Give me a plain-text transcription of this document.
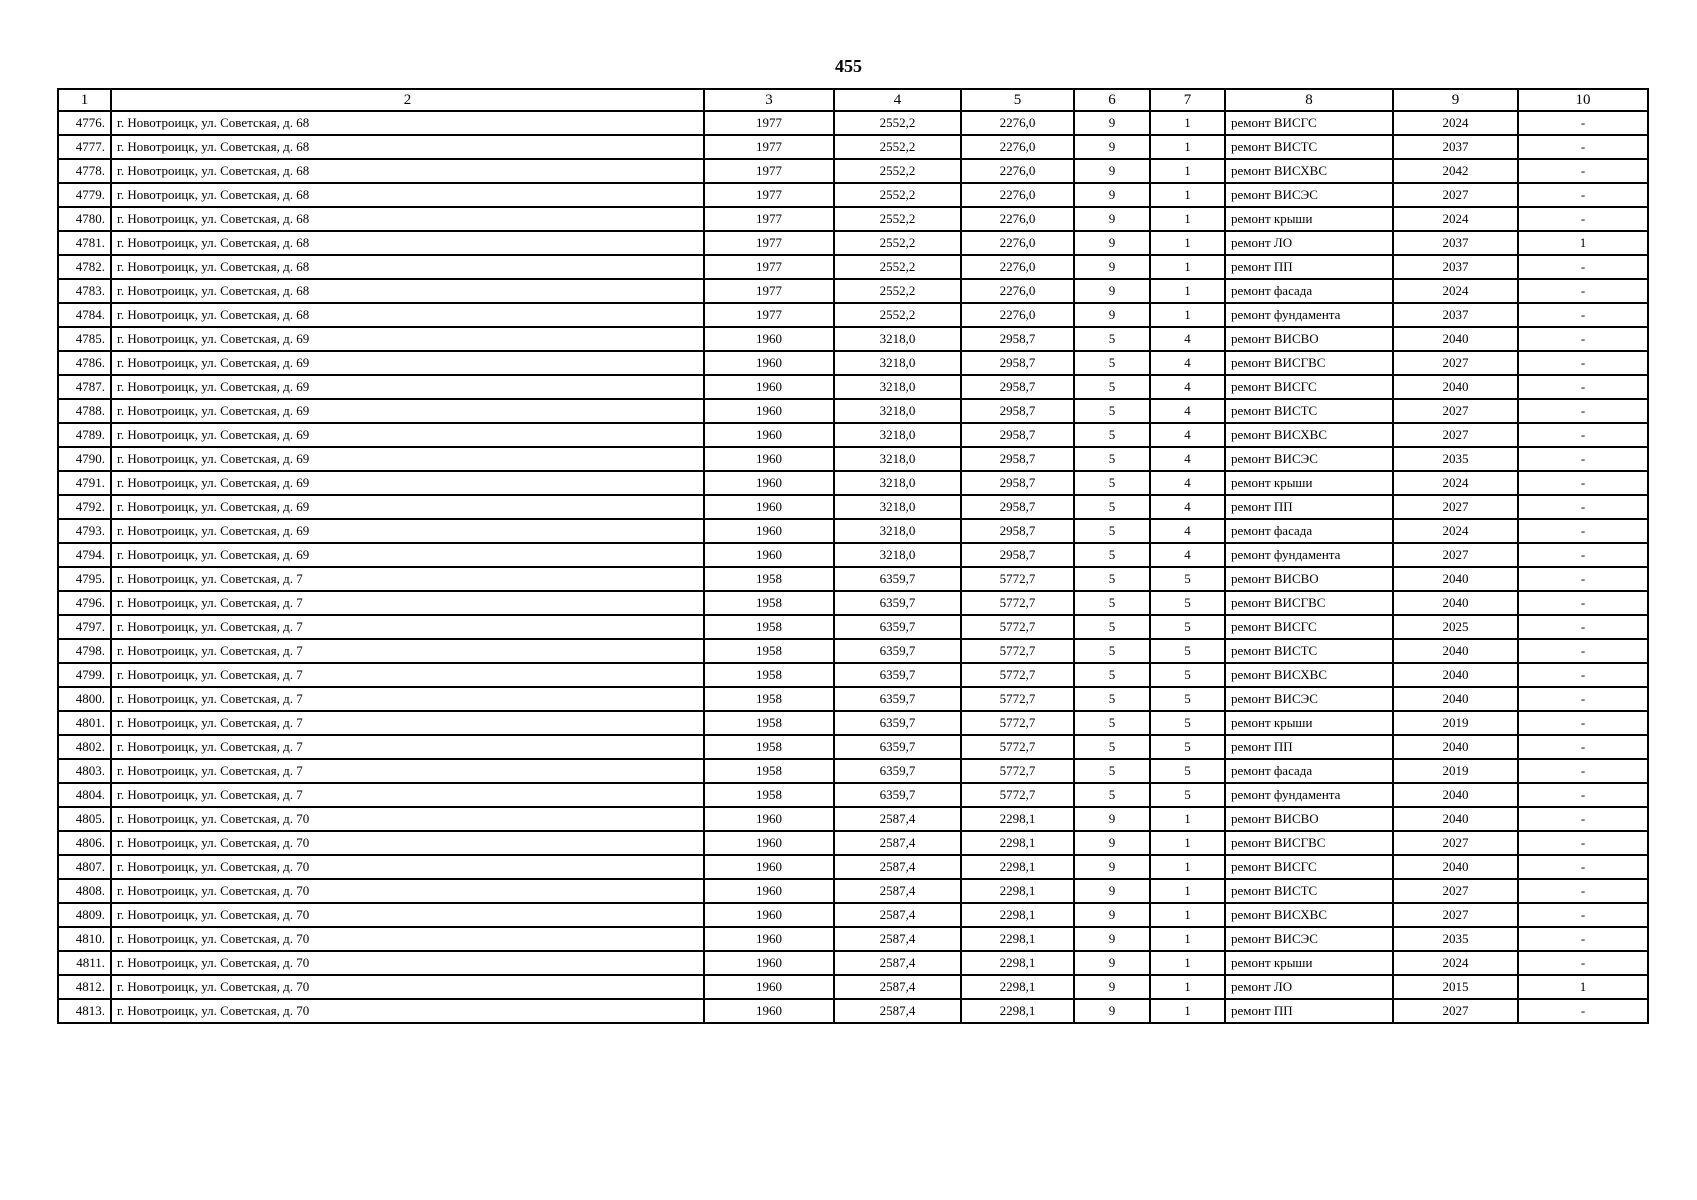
455
1	2	3	4	5	6	7	8	9	10
4776.	г. Новотроицк, ул. Советская, д. 68	1977	2552,2	2276,0	9	1	ремонт ВИСГС	2024	-
4777.	г. Новотроицк, ул. Советская, д. 68	1977	2552,2	2276,0	9	1	ремонт ВИСТС	2037	-
4778.	г. Новотроицк, ул. Советская, д. 68	1977	2552,2	2276,0	9	1	ремонт ВИСХВС	2042	-
4779.	г. Новотроицк, ул. Советская, д. 68	1977	2552,2	2276,0	9	1	ремонт ВИСЭС	2027	-
4780.	г. Новотроицк, ул. Советская, д. 68	1977	2552,2	2276,0	9	1	ремонт крыши	2024	-
4781.	г. Новотроицк, ул. Советская, д. 68	1977	2552,2	2276,0	9	1	ремонт ЛО	2037	1
4782.	г. Новотроицк, ул. Советская, д. 68	1977	2552,2	2276,0	9	1	ремонт ПП	2037	-
4783.	г. Новотроицк, ул. Советская, д. 68	1977	2552,2	2276,0	9	1	ремонт фасада	2024	-
4784.	г. Новотроицк, ул. Советская, д. 68	1977	2552,2	2276,0	9	1	ремонт фундамента	2037	-
4785.	г. Новотроицк, ул. Советская, д. 69	1960	3218,0	2958,7	5	4	ремонт ВИСВО	2040	-
4786.	г. Новотроицк, ул. Советская, д. 69	1960	3218,0	2958,7	5	4	ремонт ВИСГВС	2027	-
4787.	г. Новотроицк, ул. Советская, д. 69	1960	3218,0	2958,7	5	4	ремонт ВИСГС	2040	-
4788.	г. Новотроицк, ул. Советская, д. 69	1960	3218,0	2958,7	5	4	ремонт ВИСТС	2027	-
4789.	г. Новотроицк, ул. Советская, д. 69	1960	3218,0	2958,7	5	4	ремонт ВИСХВС	2027	-
4790.	г. Новотроицк, ул. Советская, д. 69	1960	3218,0	2958,7	5	4	ремонт ВИСЭС	2035	-
4791.	г. Новотроицк, ул. Советская, д. 69	1960	3218,0	2958,7	5	4	ремонт крыши	2024	-
4792.	г. Новотроицк, ул. Советская, д. 69	1960	3218,0	2958,7	5	4	ремонт ПП	2027	-
4793.	г. Новотроицк, ул. Советская, д. 69	1960	3218,0	2958,7	5	4	ремонт фасада	2024	-
4794.	г. Новотроицк, ул. Советская, д. 69	1960	3218,0	2958,7	5	4	ремонт фундамента	2027	-
4795.	г. Новотроицк, ул. Советская, д. 7	1958	6359,7	5772,7	5	5	ремонт ВИСВО	2040	-
4796.	г. Новотроицк, ул. Советская, д. 7	1958	6359,7	5772,7	5	5	ремонт ВИСГВС	2040	-
4797.	г. Новотроицк, ул. Советская, д. 7	1958	6359,7	5772,7	5	5	ремонт ВИСГС	2025	-
4798.	г. Новотроицк, ул. Советская, д. 7	1958	6359,7	5772,7	5	5	ремонт ВИСТС	2040	-
4799.	г. Новотроицк, ул. Советская, д. 7	1958	6359,7	5772,7	5	5	ремонт ВИСХВС	2040	-
4800.	г. Новотроицк, ул. Советская, д. 7	1958	6359,7	5772,7	5	5	ремонт ВИСЭС	2040	-
4801.	г. Новотроицк, ул. Советская, д. 7	1958	6359,7	5772,7	5	5	ремонт крыши	2019	-
4802.	г. Новотроицк, ул. Советская, д. 7	1958	6359,7	5772,7	5	5	ремонт ПП	2040	-
4803.	г. Новотроицк, ул. Советская, д. 7	1958	6359,7	5772,7	5	5	ремонт фасада	2019	-
4804.	г. Новотроицк, ул. Советская, д. 7	1958	6359,7	5772,7	5	5	ремонт фундамента	2040	-
4805.	г. Новотроицк, ул. Советская, д. 70	1960	2587,4	2298,1	9	1	ремонт ВИСВО	2040	-
4806.	г. Новотроицк, ул. Советская, д. 70	1960	2587,4	2298,1	9	1	ремонт ВИСГВС	2027	-
4807.	г. Новотроицк, ул. Советская, д. 70	1960	2587,4	2298,1	9	1	ремонт ВИСГС	2040	-
4808.	г. Новотроицк, ул. Советская, д. 70	1960	2587,4	2298,1	9	1	ремонт ВИСТС	2027	-
4809.	г. Новотроицк, ул. Советская, д. 70	1960	2587,4	2298,1	9	1	ремонт ВИСХВС	2027	-
4810.	г. Новотроицк, ул. Советская, д. 70	1960	2587,4	2298,1	9	1	ремонт ВИСЭС	2035	-
4811.	г. Новотроицк, ул. Советская, д. 70	1960	2587,4	2298,1	9	1	ремонт крыши	2024	-
4812.	г. Новотроицк, ул. Советская, д. 70	1960	2587,4	2298,1	9	1	ремонт ЛО	2015	1
4813.	г. Новотроицк, ул. Советская, д. 70	1960	2587,4	2298,1	9	1	ремонт ПП	2027	-
